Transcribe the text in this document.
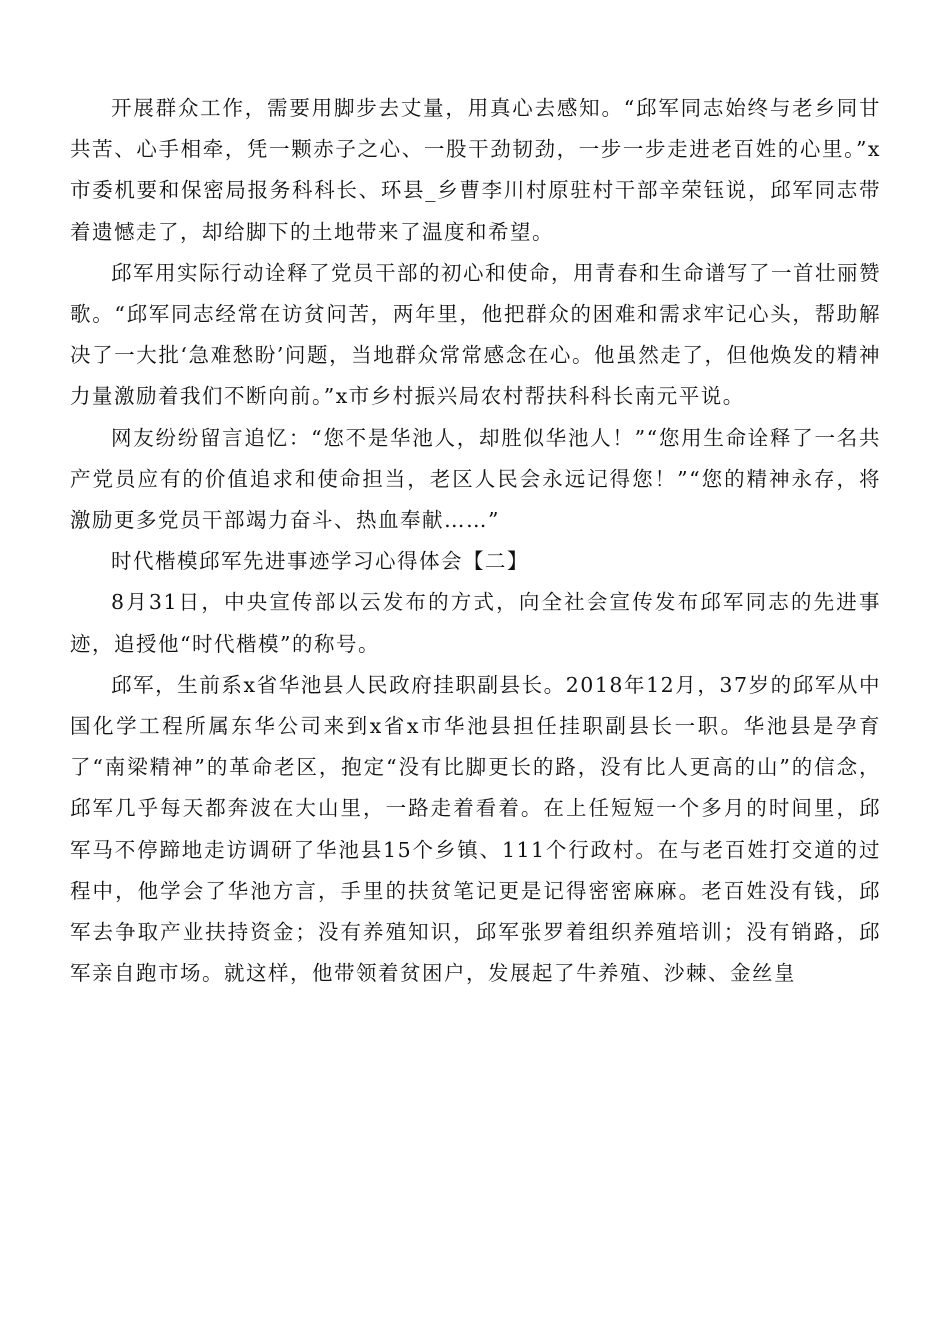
开展群众工作，需要用脚步去丈量，用真心去感知。“邱军同志始终与老乡同甘共苦、心手相牵，凭一颗赤子之心、一股干劲韧劲，一步一步走进老百姓的心里。”x市委机要和保密局报务科科长、环县_乡曹李川村原驻村干部辛荣钰说，邱军同志带着遗憾走了，却给脚下的土地带来了温度和希望。

邱军用实际行动诠释了党员干部的初心和使命，用青春和生命谱写了一首壮丽赞歌。“邱军同志经常在访贫问苦，两年里，他把群众的困难和需求牢记心头，帮助解决了一大批‘急难愁盼’问题，当地群众常常感念在心。他虽然走了，但他焕发的精神力量激励着我们不断向前。”x市乡村振兴局农村帮扶科科长南元平说。

网友纷纷留言追忆：“您不是华池人，却胜似华池人！”“您用生命诠释了一名共产党员应有的价值追求和使命担当，老区人民会永远记得您！”“您的精神永存，将激励更多党员干部竭力奋斗、热血奉献……”

时代楷模邱军先进事迹学习心得体会【二】

8月31日，中央宣传部以云发布的方式，向全社会宣传发布邱军同志的先进事迹，追授他“时代楷模”的称号。

邱军，生前系x省华池县人民政府挂职副县长。2018年12月，37岁的邱军从中国化学工程所属东华公司来到x省x市华池县担任挂职副县长一职。华池县是孕育了“南梁精神”的革命老区，抱定“没有比脚更长的路，没有比人更高的山”的信念，邱军几乎每天都奔波在大山里，一路走着看着。在上任短短一个多月的时间里，邱军马不停蹄地走访调研了华池县15个乡镇、111个行政村。在与老百姓打交道的过程中，他学会了华池方言，手里的扶贫笔记更是记得密密麻麻。老百姓没有钱，邱军去争取产业扶持资金；没有养殖知识，邱军张罗着组织养殖培训；没有销路，邱军亲自跑市场。就这样，他带领着贫困户，发展起了牛养殖、沙棘、金丝皇
